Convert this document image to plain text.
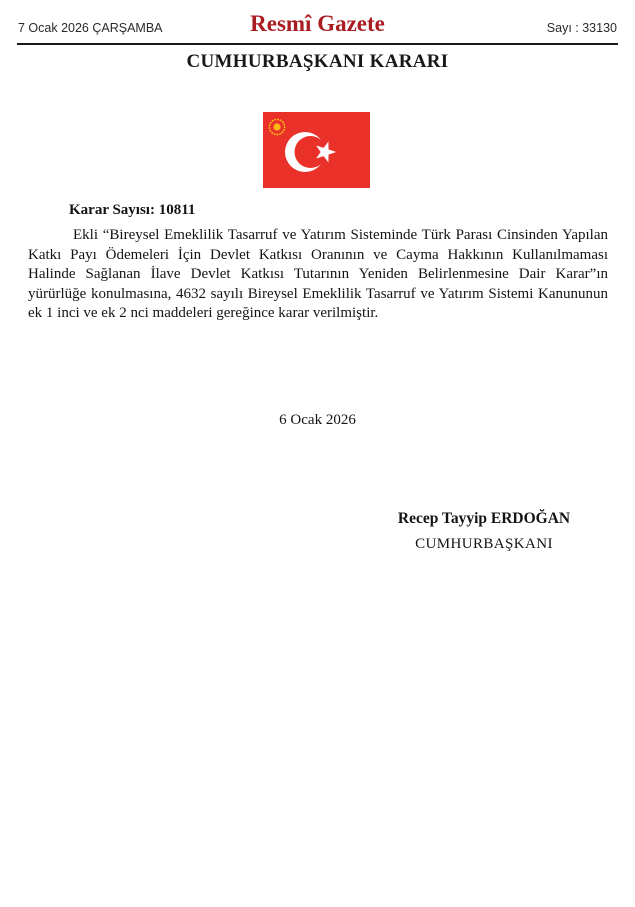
7 Ocak 2026 ÇARŞAMBA	Resmî Gazete	Sayı : 33130
CUMHURBAŞKANI KARARI
Karar Sayısı: 10811
Ekli “Bireysel Emeklilik Tasarruf ve Yatırım Sisteminde Türk Parası Cinsinden Yapılan Katkı Payı Ödemeleri İçin Devlet Katkısı Oranının ve Cayma Hakkının Kullanılmaması Halinde Sağlanan İlave Devlet Katkısı Tutarının Yeniden Belirlenmesine Dair Karar”ın yürürlüğe konulmasına, 4632 sayılı Bireysel Emeklilik Tasarruf ve Yatırım Sistemi Kanununun ek 1 inci ve ek 2 nci maddeleri gereğince karar verilmiştir.
6 Ocak 2026
Recep Tayyip ERDOĞAN
CUMHURBAŞKANI
